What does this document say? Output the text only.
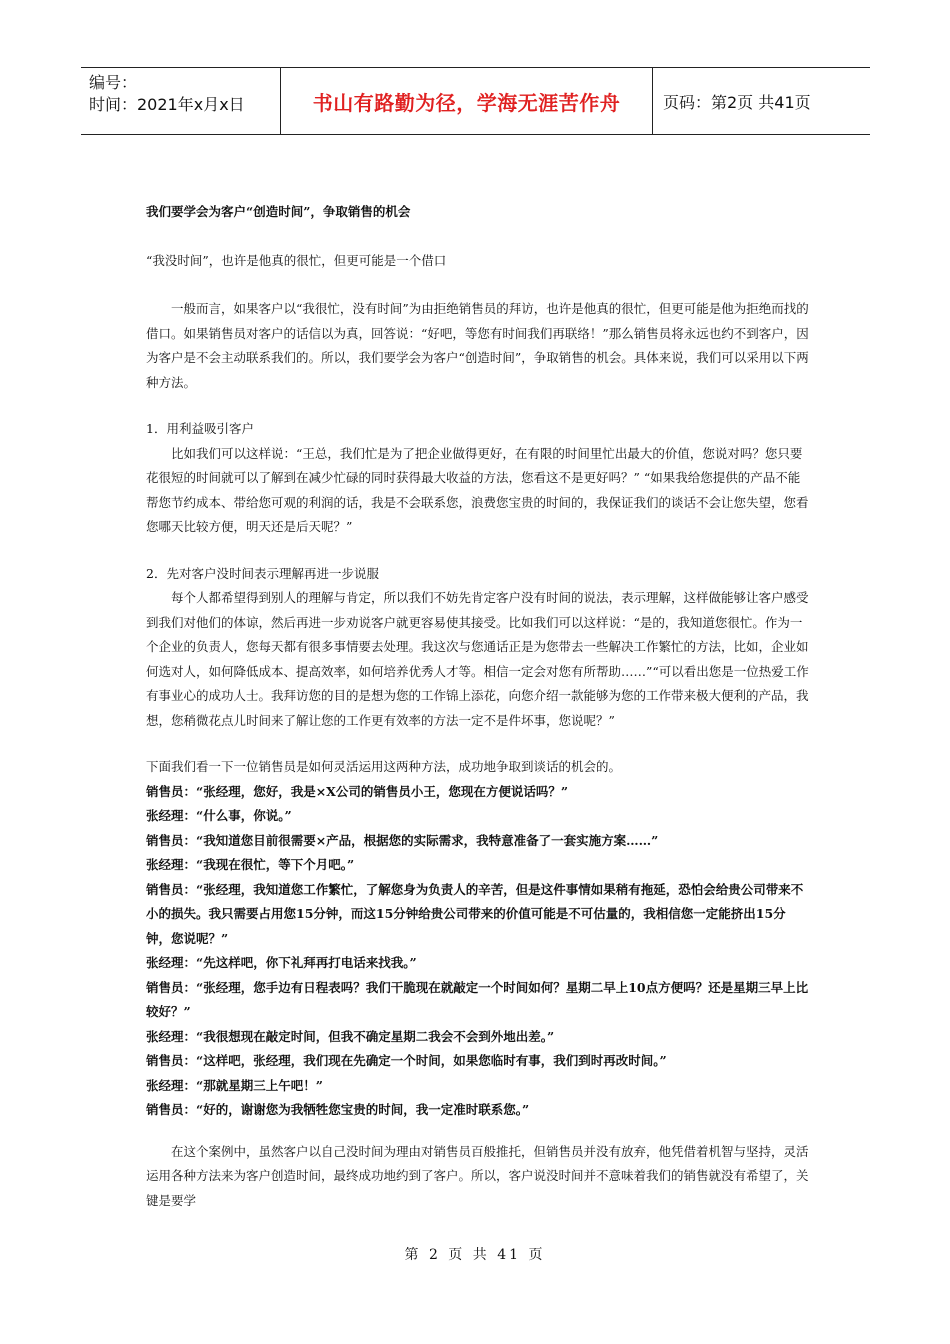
编号：
时间：2021年x月x日	书山有路勤为径，学海无涯苦作舟	页码：第2页 共41页

我们要学会为客户“创造时间”，争取销售的机会

“我没时间”，也许是他真的很忙，但更可能是一个借口

一般而言，如果客户以“我很忙，没有时间”为由拒绝销售员的拜访，也许是他真的很忙，但更可能是他为拒绝而找的借口。如果销售员对客户的话信以为真，回答说：“好吧，等您有时间我们再联络！”那么销售员将永远也约不到客户，因为客户是不会主动联系我们的。所以，我们要学会为客户“创造时间”，争取销售的机会。具体来说，我们可以采用以下两种方法。

1．用利益吸引客户

比如我们可以这样说：“王总，我们忙是为了把企业做得更好，在有限的时间里忙出最大的价值，您说对吗？您只要花很短的时间就可以了解到在减少忙碌的同时获得最大收益的方法，您看这不是更好吗？” “如果我给您提供的产品不能帮您节约成本、带给您可观的利润的话，我是不会联系您，浪费您宝贵的时间的，我保证我们的谈话不会让您失望，您看您哪天比较方便，明天还是后天呢？”

2．先对客户没时间表示理解再进一步说服

每个人都希望得到别人的理解与肯定，所以我们不妨先肯定客户没有时间的说法，表示理解，这样做能够让客户感受到我们对他们的体谅，然后再进一步劝说客户就更容易使其接受。比如我们可以这样说：“是的，我知道您很忙。作为一个企业的负责人，您每天都有很多事情要去处理。我这次与您通话正是为您带去一些解决工作繁忙的方法，比如，企业如何选对人，如何降低成本、提高效率，如何培养优秀人才等。相信一定会对您有所帮助……”“可以看出您是一位热爱工作有事业心的成功人士。我拜访您的目的是想为您的工作锦上添花，向您介绍一款能够为您的工作带来极大便利的产品，我想，您稍微花点儿时间来了解让您的工作更有效率的方法一定不是件坏事，您说呢？”

下面我们看一下一位销售员是如何灵活运用这两种方法，成功地争取到谈话的机会的。

销售员：“张经理，您好，我是×X公司的销售员小王，您现在方便说话吗？”

张经理：“什么事，你说。”

销售员：“我知道您目前很需要×产品，根据您的实际需求，我特意准备了一套实施方案……”

张经理：“我现在很忙，等下个月吧。”

销售员：“张经理，我知道您工作繁忙，了解您身为负责人的辛苦，但是这件事情如果稍有拖延，恐怕会给贵公司带来不小的损失。我只需要占用您15分钟，而这15分钟给贵公司带来的价值可能是不可估量的，我相信您一定能挤出15分钟，您说呢？”

张经理：“先这样吧，你下礼拜再打电话来找我。”

销售员：“张经理，您手边有日程表吗？我们干脆现在就敲定一个时间如何？星期二早上10点方便吗？还是星期三早上比较好？”

张经理：“我很想现在敲定时间，但我不确定星期二我会不会到外地出差。”

销售员：“这样吧，张经理，我们现在先确定一个时间，如果您临时有事，我们到时再改时间。”

张经理：“那就星期三上午吧！”

销售员：“好的，谢谢您为我牺牲您宝贵的时间，我一定准时联系您。”

在这个案例中，虽然客户以自己没时间为理由对销售员百般推托，但销售员并没有放弃，他凭借着机智与坚持，灵活运用各种方法来为客户创造时间，最终成功地约到了客户。所以，客户说没时间并不意味着我们的销售就没有希望了，关键是要学

第 2 页 共 41 页
